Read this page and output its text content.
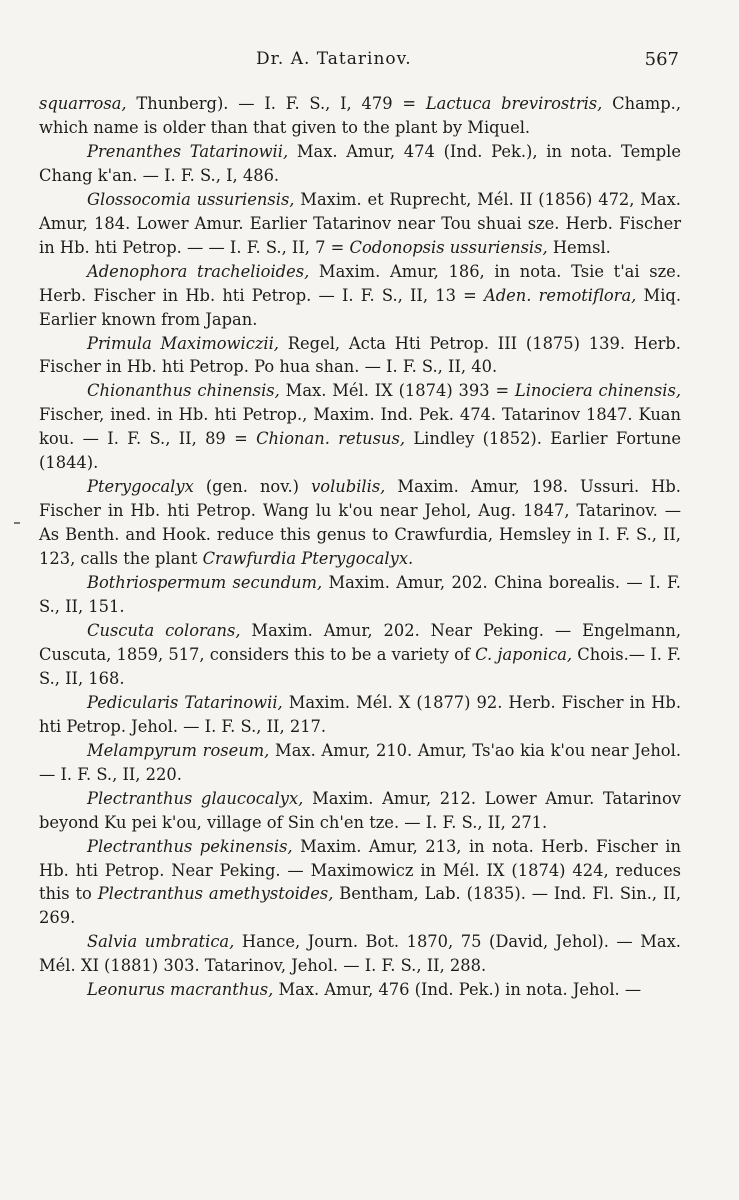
Dr. A. Tatarinov.	567

squarrosa, Thunberg). — I. F. S., I, 479 = Lactuca brevirostris, Champ., which name is older than that given to the plant by Miquel.

Prenanthes Tatarinowii, Max. Amur, 474 (Ind. Pek.), in nota. Temple Chang k'an. — I. F. S., I, 486.

Glossocomia ussuriensis, Maxim. et Ruprecht, Mél. II (1856) 472, Max. Amur, 184. Lower Amur. Earlier Tatarinov near Tou shuai sze. Herb. Fischer in Hb. hti Petrop. — — I. F. S., II, 7 = Codonopsis ussuriensis, Hemsl.

Adenophora trachelioides, Maxim. Amur, 186, in nota. Tsie t'ai sze. Herb. Fischer in Hb. hti Petrop. — I. F. S., II, 13 = Aden. remotiflora, Miq. Earlier known from Japan.

Primula Maximowiczii, Regel, Acta Hti Petrop. III (1875) 139. Herb. Fischer in Hb. hti Petrop. Po hua shan. — I. F. S., II, 40.

Chionanthus chinensis, Max. Mél. IX (1874) 393 = Linociera chinensis, Fischer, ined. in Hb. hti Petrop., Maxim. Ind. Pek. 474. Tatarinov 1847. Kuan kou. — I. F. S., II, 89 = Chionan. retusus, Lindley (1852). Earlier Fortune (1844).

Pterygocalyx (gen. nov.) volubilis, Maxim. Amur, 198. Ussuri. Hb. Fischer in Hb. hti Petrop. Wang lu k'ou near Jehol, Aug. 1847, Tatarinov. — As Benth. and Hook. reduce this genus to Crawfurdia, Hemsley in I. F. S., II, 123, calls the plant Crawfurdia Pterygocalyx.

Bothriospermum secundum, Maxim. Amur, 202. China borealis. — I. F. S., II, 151.

Cuscuta colorans, Maxim. Amur, 202. Near Peking. — Engelmann, Cuscuta, 1859, 517, considers this to be a variety of C. japonica, Chois.— I. F. S., II, 168.

Pedicularis Tatarinowii, Maxim. Mél. X (1877) 92. Herb. Fischer in Hb. hti Petrop. Jehol. — I. F. S., II, 217.

Melampyrum roseum, Max. Amur, 210. Amur, Ts'ao kia k'ou near Jehol. — I. F. S., II, 220.

Plectranthus glaucocalyx, Maxim. Amur, 212. Lower Amur. Tatarinov beyond Ku pei k'ou, village of Sin ch'en tze. — I. F. S., II, 271.

Plectranthus pekinensis, Maxim. Amur, 213, in nota. Herb. Fischer in Hb. hti Petrop. Near Peking. — Maximowicz in Mél. IX (1874) 424, reduces this to Plectranthus amethystoides, Bentham, Lab. (1835). — Ind. Fl. Sin., II, 269.

Salvia umbratica, Hance, Journ. Bot. 1870, 75 (David, Jehol). — Max. Mél. XI (1881) 303. Tatarinov, Jehol. — I. F. S., II, 288.

Leonurus macranthus, Max. Amur, 476 (Ind. Pek.) in nota. Jehol. —
